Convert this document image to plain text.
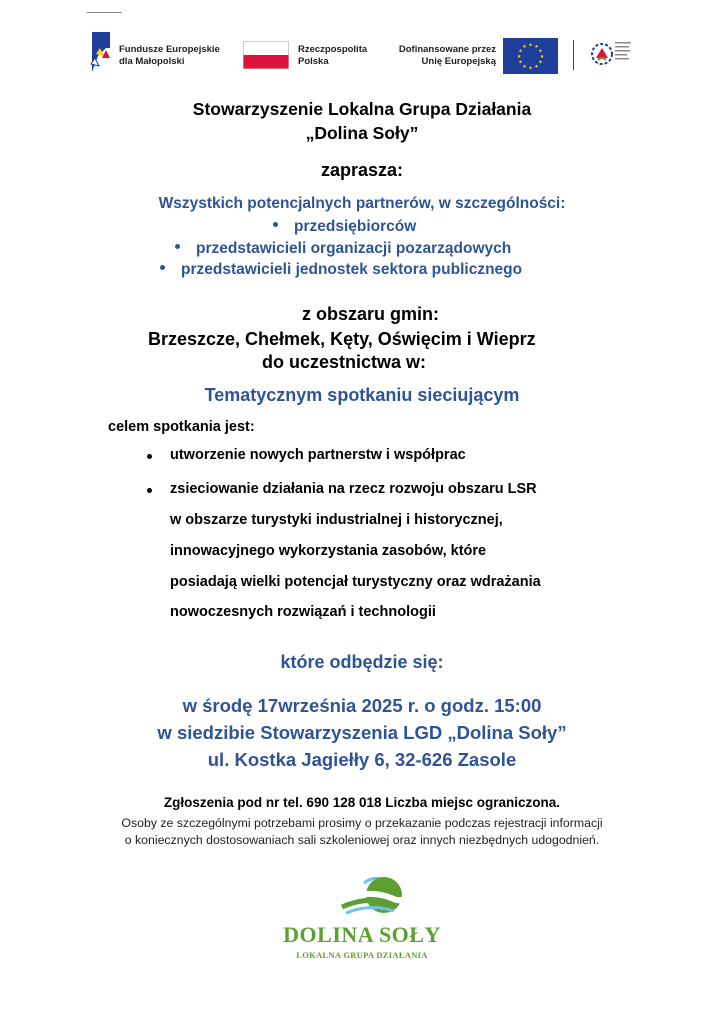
Fundusze Europejskie
dla Małopolski
Rzeczpospolita
Polska
Dofinansowane przez
Unię Europejską
★ ★
★
★
★
★
★
★
★
★
★
★
Stowarzyszenie Lokalna Grupa Działania
„Dolina Soły”
zaprasza:
Wszystkich potencjalnych partnerów, w szczególności:
przedsiębiorców
przedstawicieli organizacji pozarządowych
przedstawicieli jednostek sektora publicznego
z obszaru gmin:
Brzeszcze, Chełmek, Kęty, Oświęcim i Wieprz
do uczestnictwa w:
Tematycznym spotkaniu sieciującym
celem spotkania jest:
utworzenie nowych partnerstw i współprac
zsieciowanie działania na rzecz rozwoju obszaru LSR
w obszarze turystyki industrialnej i historycznej,
innowacyjnego wykorzystania zasobów, które
posiadają wielki potencjał turystyczny oraz wdrażania
nowoczesnych rozwiązań i technologii
które odbędzie się:
w środę 17września 2025 r. o godz. 15:00
w siedzibie Stowarzyszenia LGD „Dolina Soły”
ul. Kostka Jagiełły 6, 32-626 Zasole
Zgłoszenia pod nr tel. 690 128 018 Liczba miejsc ograniczona.
Osoby ze szczególnymi potrzebami prosimy o przekazanie podczas rejestracji informacji
o koniecznych dostosowaniach sali szkoleniowej oraz innych niezbędnych udogodnień.
DOLINA SOŁY
LOKALNA GRUPA DZIAŁANIA
